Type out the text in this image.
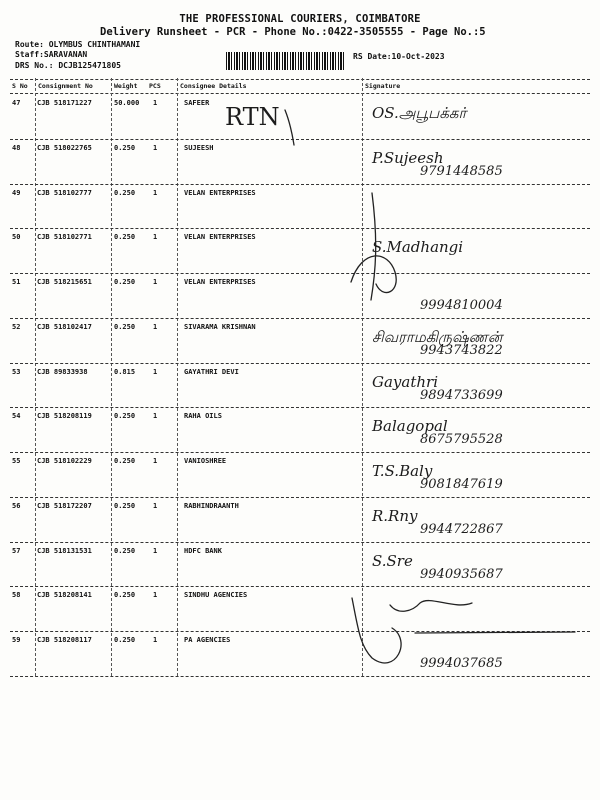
THE PROFESSIONAL COURIERS, COIMBATORE
Delivery Runsheet - PCR - Phone No.:0422-3505555 - Page No.:5
Route: OLYMBUS CHINTHAMANI
Staff:SARAVANAN
DRS No.: DCJB125471805
RS Date:10-Oct-2023
S No Consignment No	Weight PCS	Consignee Details	Signature
47 CJB 518171227	50.000 1	SAFEER
OS.அபூபக்கர்
RTN
48 CJB 518022765	0.250	1	SUJEESH
P.Sujeesh
9791448585
49 CJB 518102777	0.250	1	VELAN ENTERPRISES
50 CJB 518102771	0.250	1	VELAN ENTERPRISES
S.Madhangi
51 CJB 518215651	0.250	1	VELAN ENTERPRISES
9994810004
52 CJB 518102417	0.250	1	SIVARAMA KRISHNAN
சிவராமகிருஷ்ணன்
9943743822
53 CJB 89833938	0.815	1	GAYATHRI DEVI
Gayathri
9894733699
54 CJB 518208119	0.250	1	RAHA OILS
Balagopal
8675795528
55 CJB 518102229	0.250	1	VANIOSHREE
T.S.Baly
9081847619
56 CJB 518172207	0.250	1	RABHINDRAANTH
R.Rny
9944722867
57 CJB 518131531	0.250	1	HDFC BANK
S.Sre
9940935687
58 CJB 518208141	0.250	1	SINDHU AGENCIES
59 CJB 518208117	0.250	1	PA AGENCIES
9994037685
